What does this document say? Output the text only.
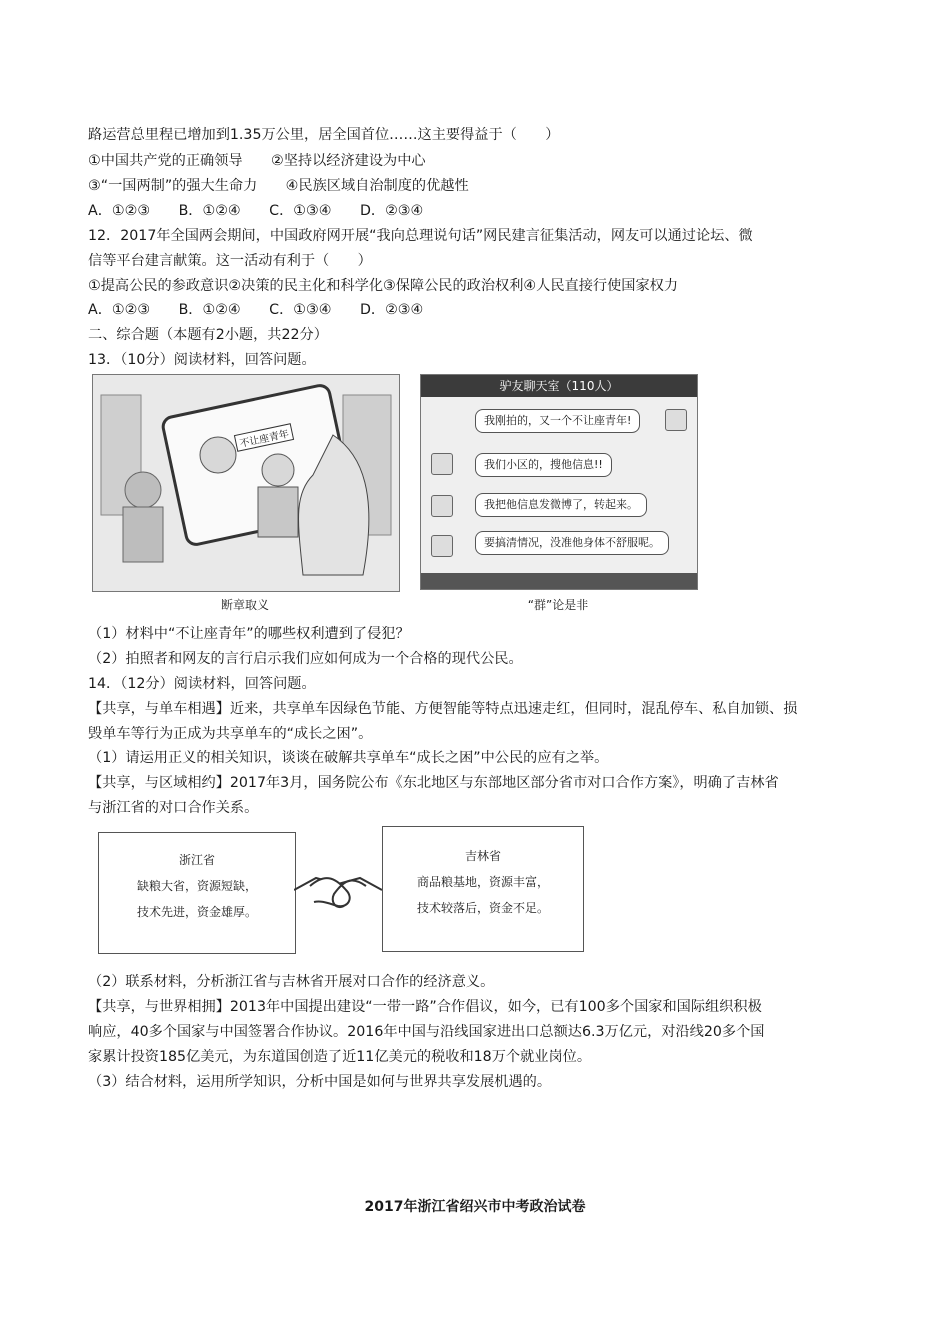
路运营总里程已增加到1.35万公里，居全国首位……这主要得益于（　　）
①中国共产党的正确领导　　②坚持以经济建设为中心
③“一国两制”的强大生命力　　④民族区域自治制度的优越性
A．①②③ B．①②④ C．①③④ D．②③④
12．2017年全国两会期间，中国政府网开展“我向总理说句话”网民建言征集活动，网友可以通过论坛、微
信等平台建言献策。这一活动有利于（　　）
①提高公民的参政意识②决策的民主化和科学化③保障公民的政治权利④人民直接行使国家权力
A．①②③ B．①②④ C．①③④ D．②③④
二、综合题（本题有2小题，共22分）
13．（10分）阅读材料，回答问题。
不让座青年
断章取义
驴友聊天室（110人）
我刚拍的，又一个不让座青年!
我们小区的，搜他信息!!
我把他信息发微博了，转起来。
要搞清情况，没准他身体不舒服呢。
“群”论是非
（1）材料中“不让座青年”的哪些权利遭到了侵犯？
（2）拍照者和网友的言行启示我们应如何成为一个合格的现代公民。
14．（12分）阅读材料，回答问题。
【共享，与单车相遇】近来，共享单车因绿色节能、方便智能等特点迅速走红，但同时，混乱停车、私自加锁、损
毁单车等行为正成为共享单车的“成长之困”。
（1）请运用正义的相关知识，谈谈在破解共享单车“成长之困”中公民的应有之举。
【共享，与区域相约】2017年3月，国务院公布《东北地区与东部地区部分省市对口合作方案》，明确了吉林省
与浙江省的对口合作关系。
浙江省
缺粮大省，资源短缺，
技术先进，资金雄厚。
吉林省
商品粮基地，资源丰富，
技术较落后，资金不足。
（2）联系材料，分析浙江省与吉林省开展对口合作的经济意义。
【共享，与世界相拥】2013年中国提出建设“一带一路”合作倡议，如今，已有100多个国家和国际组织积极
响应，40多个国家与中国签署合作协议。2016年中国与沿线国家进出口总额达6.3万亿元，对沿线20多个国
家累计投资185亿美元，为东道国创造了近11亿美元的税收和18万个就业岗位。
（3）结合材料，运用所学知识，分析中国是如何与世界共享发展机遇的。
2017年浙江省绍兴市中考政治试卷
